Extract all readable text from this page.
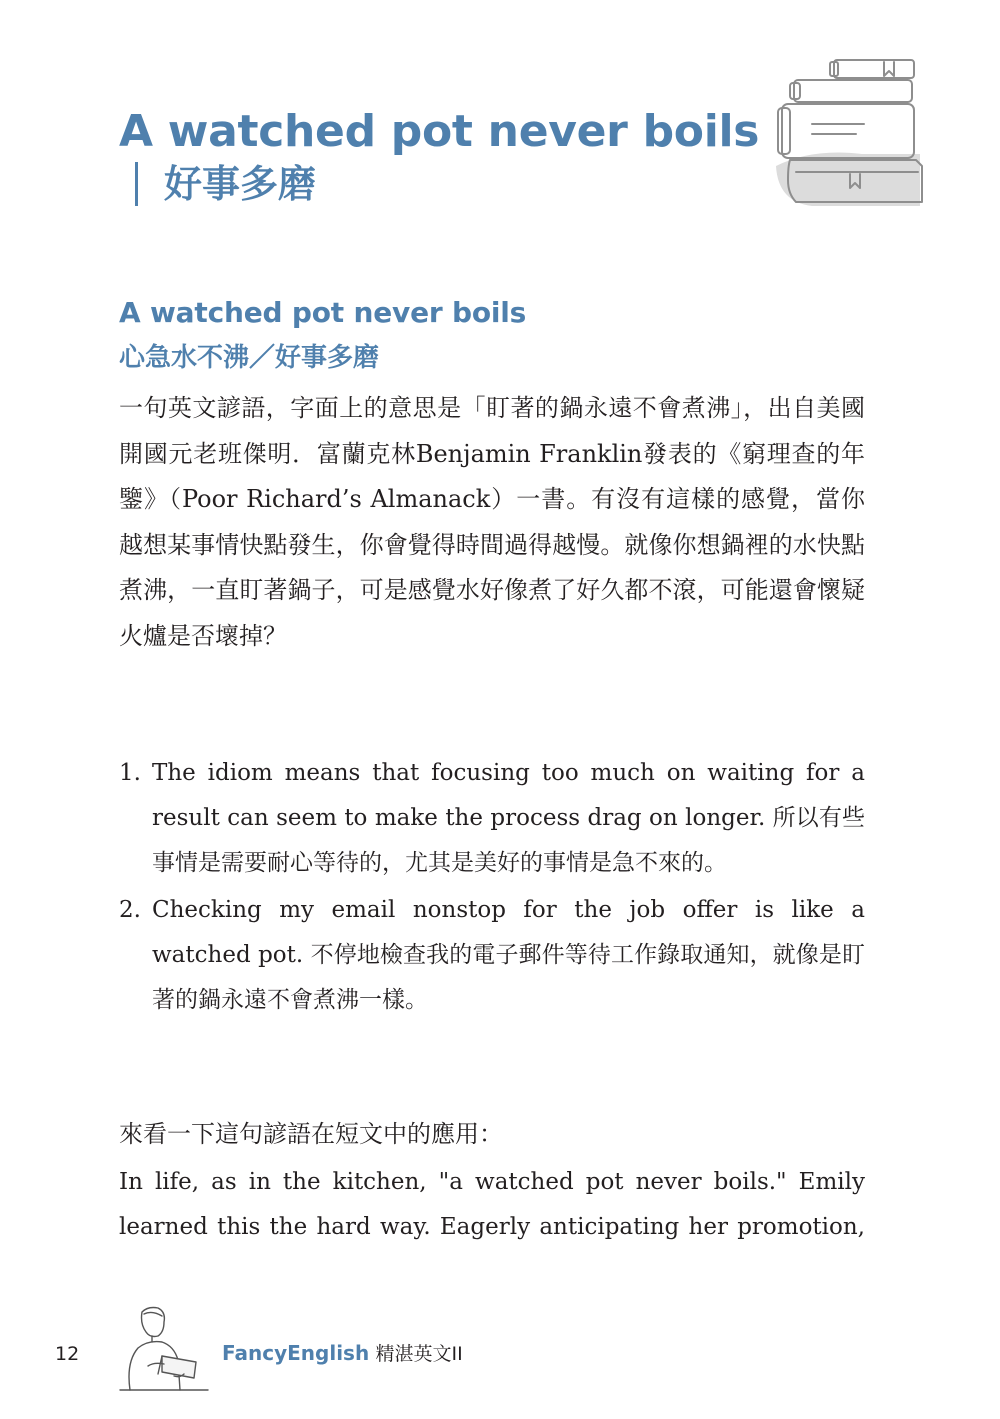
A watched pot never boils
好事多磨
A watched pot never boils
心急水不沸／好事多磨

一句英文諺語，字面上的意思是「盯著的鍋永遠不會煮沸」，出自美國開國元老班傑明．富蘭克林Benjamin Franklin發表的《窮理查的年鑒》（Poor Richard’s Almanack）一書。有沒有這樣的感覺，當你越想某事情快點發生，你會覺得時間過得越慢。就像你想鍋裡的水快點煮沸，一直盯著鍋子，可是感覺水好像煮了好久都不滾，可能還會懷疑火爐是否壞掉？

1. The idiom means that focusing too much on waiting for a result can seem to make the process drag on longer. 所以有些事情是需要耐心等待的，尤其是美好的事情是急不來的。
2. Checking my email nonstop for the job offer is like a watched pot. 不停地檢查我的電子郵件等待工作錄取通知，就像是盯著的鍋永遠不會煮沸一樣。

來看一下這句諺語在短文中的應用：

In life, as in the kitchen, "a watched pot never boils." Emily learned this the hard way. Eagerly anticipating her promotion,

12	FancyEnglish 精湛英文II
